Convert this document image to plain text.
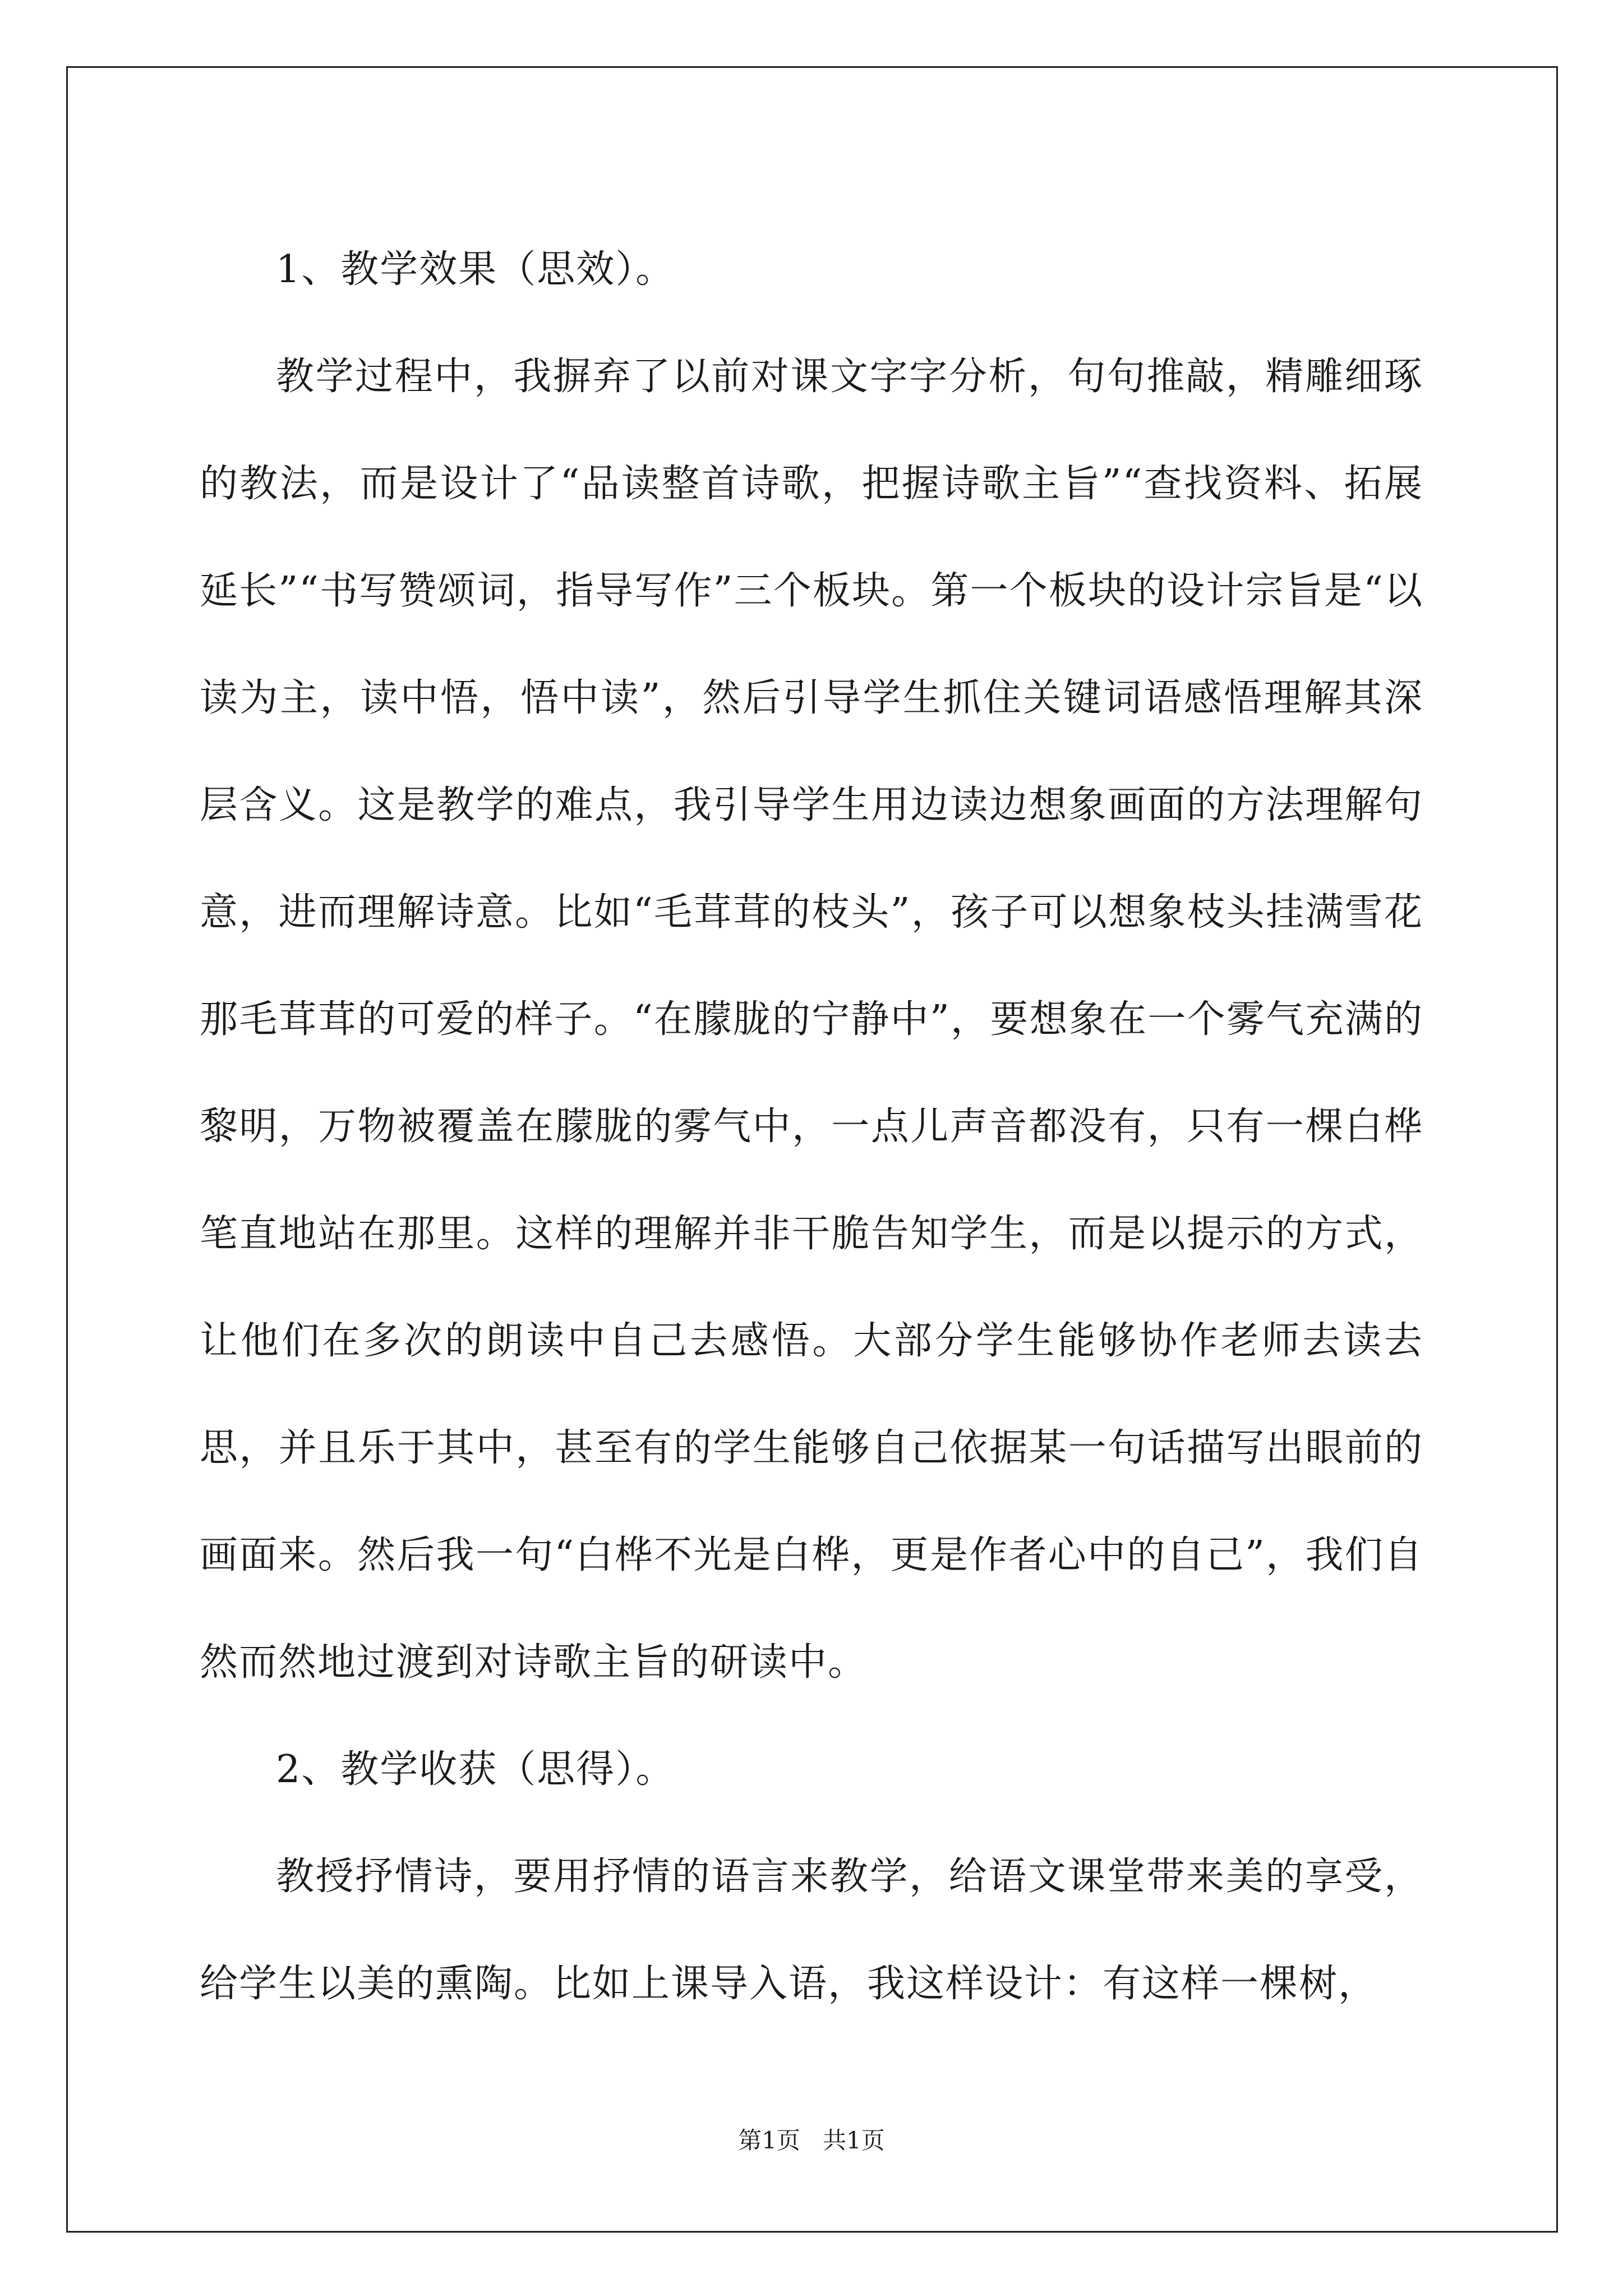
1、教学效果（思效）。

教学过程中，我摒弃了以前对课文字字分析，句句推敲，精雕细琢的教法，而是设计了“品读整首诗歌，把握诗歌主旨”“查找资料、拓展延长”“书写赞颂词，指导写作”三个板块。第一个板块的设计宗旨是“以读为主，读中悟，悟中读”，然后引导学生抓住关键词语感悟理解其深层含义。这是教学的难点，我引导学生用边读边想象画面的方法理解句意，进而理解诗意。比如“毛茸茸的枝头”，孩子可以想象枝头挂满雪花那毛茸茸的可爱的样子。“在朦胧的宁静中”，要想象在一个雾气充满的黎明，万物被覆盖在朦胧的雾气中，一点儿声音都没有，只有一棵白桦笔直地站在那里。这样的理解并非干脆告知学生，而是以提示的方式，让他们在多次的朗读中自己去感悟。大部分学生能够协作老师去读去思，并且乐于其中，甚至有的学生能够自己依据某一句话描写出眼前的画面来。然后我一句“白桦不光是白桦，更是作者心中的自己”，我们自然而然地过渡到对诗歌主旨的研读中。

2、教学收获（思得）。

教授抒情诗，要用抒情的语言来教学，给语文课堂带来美的享受，给学生以美的熏陶。比如上课导入语，我这样设计：有这样一棵树，

第1页   共1页
